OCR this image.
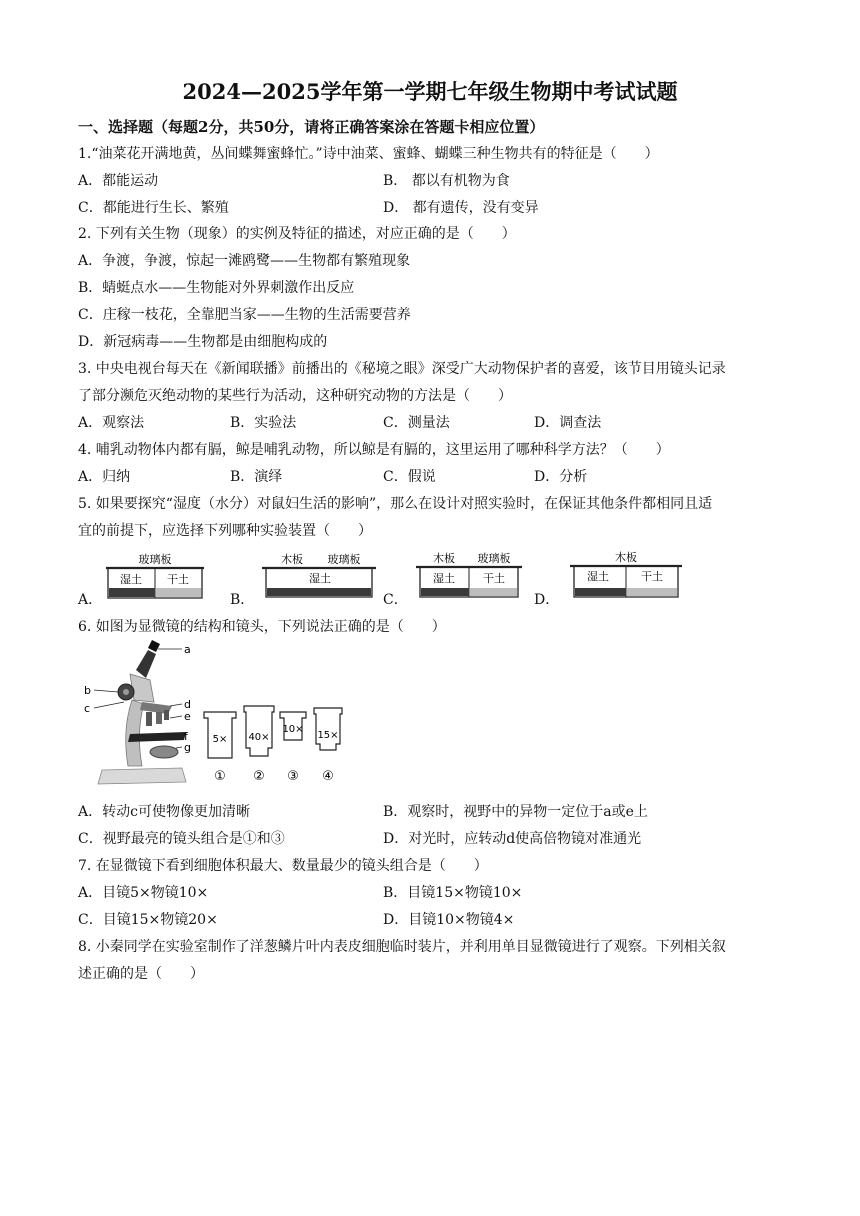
2024—2025学年第一学期七年级生物期中考试试题
一、选择题（每题2分，共50分，请将正确答案涂在答题卡相应位置）
1.“油菜花开满地黄，丛间蝶舞蜜蜂忙。”诗中油菜、蜜蜂、蝴蝶三种生物共有的特征是（　　）
A．都能运动	B． 都以有机物为食
C．都能进行生长、繁殖	D． 都有遗传，没有变异
2. 下列有关生物（现象）的实例及特征的描述，对应正确的是（　　）
A．争渡，争渡，惊起一滩鸥鹭——生物都有繁殖现象
B．蜻蜓点水——生物能对外界刺激作出反应
C．庄稼一枝花，全靠肥当家——生物的生活需要营养
D．新冠病毒——生物都是由细胞构成的
3. 中央电视台每天在《新闻联播》前播出的《秘境之眼》深受广大动物保护者的喜爱，该节目用镜头记录
了部分濒危灭绝动物的某些行为活动，这种研究动物的方法是（　　）
A．观察法	B．实验法	C．测量法	D．调查法
4. 哺乳动物体内都有膈，鲸是哺乳动物，所以鲸是有膈的，这里运用了哪种科学方法？（　　）
A．归纳	B．演绎	C．假说	D．分析
5. 如果要探究“湿度（水分）对鼠妇生活的影响”，那么在设计对照实验时，在保证其他条件都相同且适
宜的前提下，应选择下列哪种实验装置（　　）
A．	B．	C．	D．
玻璃板
湿土 干土
木板 玻璃板
湿土
木板 玻璃板
湿土	干土
木板
湿土	干土
6. 如图为显微镜的结构和镜头，下列说法正确的是（　　）
a
b
c	d
e
f
g
5× 40×
10×
15×
① ② ③ ④
A．转动c可使物像更加清晰	B．观察时，视野中的异物一定位于a或e上
C．视野最亮的镜头组合是①和③	D．对光时，应转动d使高倍物镜对准通光
7. 在显微镜下看到细胞体积最大、数量最少的镜头组合是（　　）
A．目镜5×物镜10×	B．目镜15×物镜10×
C．目镜15×物镜20×	D．目镜10×物镜4×
8. 小秦同学在实验室制作了洋葱鳞片叶内表皮细胞临时装片，并利用单目显微镜进行了观察。下列相关叙
述正确的是（　　）
